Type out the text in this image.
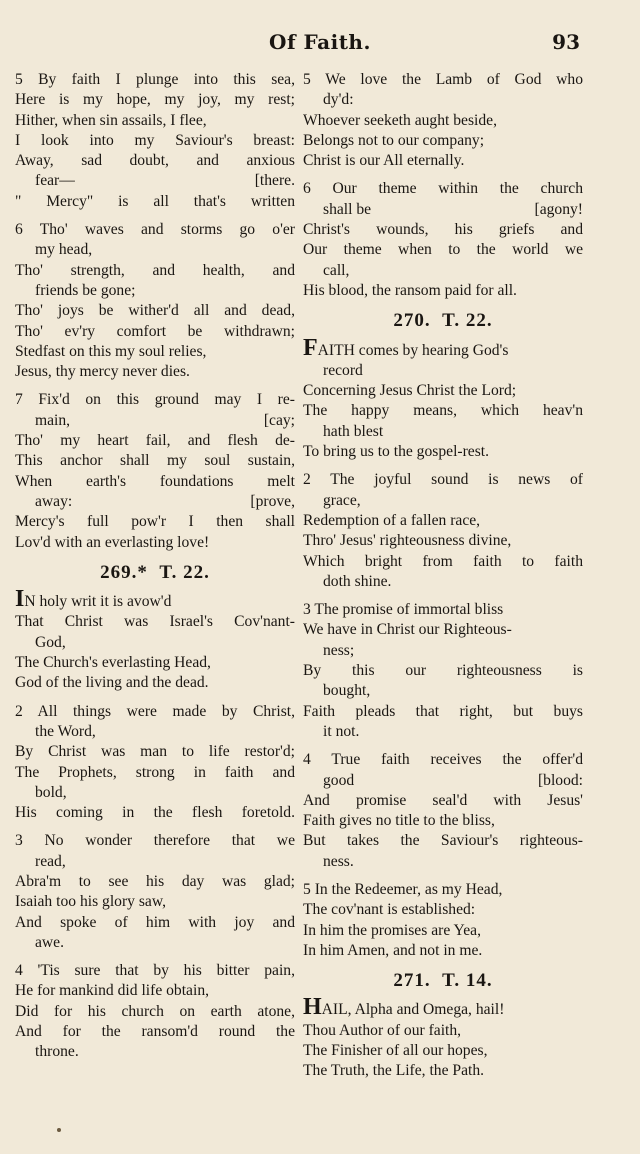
Of Faith.	93
5 By faith I plunge into this sea,
Here is my hope, my joy, my rest;
Hither, when sin assails, I flee,
I look into my Saviour's breast:
Away, sad doubt, and anxious
fear—	[there.
" Mercy" is all that's written
6 Tho' waves and storms go o'er
my head,
Tho' strength, and health, and
friends be gone;
Tho' joys be wither'd all and dead,
Tho' ev'ry comfort be withdrawn;
Stedfast on this my soul relies,
Jesus, thy mercy never dies.
7 Fix'd on this ground may I re-
main,	[cay;
Tho' my heart fail, and flesh de-
This anchor shall my soul sustain,
When earth's foundations melt
away:	[prove,
Mercy's full pow'r I then shall
Lov'd with an everlasting love!
269.* T. 22.
IN holy writ it is avow'd
That Christ was Israel's Cov'nant-
God,
The Church's everlasting Head,
God of the living and the dead.
2 All things were made by Christ,
the Word,
By Christ was man to life restor'd;
The Prophets, strong in faith and
bold,
His coming in the flesh foretold.
3 No wonder therefore that we
read,
Abra'm to see his day was glad;
Isaiah too his glory saw,
And spoke of him with joy and
awe.
4 'Tis sure that by his bitter pain,
He for mankind did life obtain,
Did for his church on earth atone,
And for the ransom'd round the
throne.
5 We love the Lamb of God who
dy'd:
Whoever seeketh aught beside,
Belongs not to our company;
Christ is our All eternally.
6 Our theme within the church
shall be	[agony!
Christ's wounds, his griefs and
Our theme when to the world we
call,
His blood, the ransom paid for all.
270. T. 22.
FAITH comes by hearing God's
record
Concerning Jesus Christ the Lord;
The happy means, which heav'n
hath blest
To bring us to the gospel-rest.
2 The joyful sound is news of
grace,
Redemption of a fallen race,
Thro' Jesus' righteousness divine,
Which bright from faith to faith
doth shine.
3 The promise of immortal bliss
We have in Christ our Righteous-
ness;
By this our righteousness is
bought,
Faith pleads that right, but buys
it not.
4 True faith receives the offer'd
good	[blood:
And promise seal'd with Jesus'
Faith gives no title to the bliss,
But takes the Saviour's righteous-
ness.
5 In the Redeemer, as my Head,
The cov'nant is established:
In him the promises are Yea,
In him Amen, and not in me.
271. T. 14.
HAIL, Alpha and Omega, hail!
Thou Author of our faith,
The Finisher of all our hopes,
The Truth, the Life, the Path.
